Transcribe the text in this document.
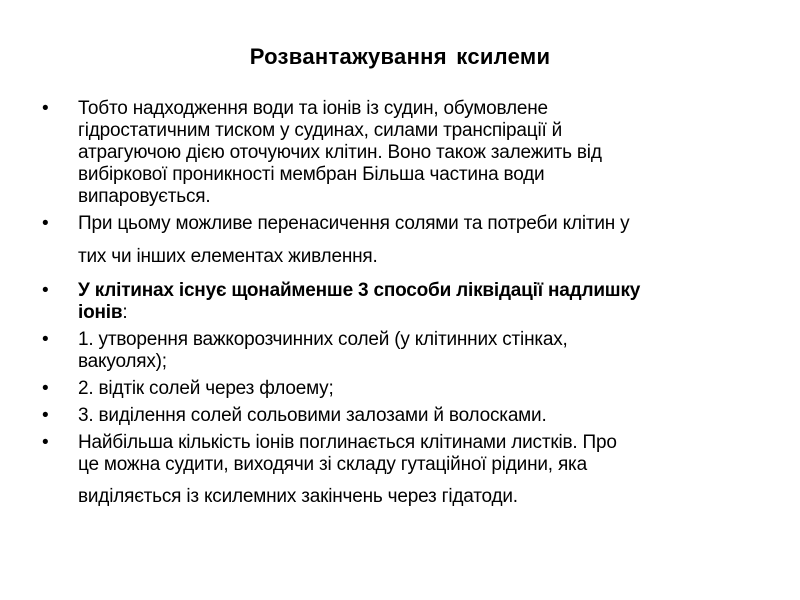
Розвантажування ксилеми
•	Тобто надходження води та іонів із судин, обумовлене
гідростатичним тиском у судинах, силами транспірації й
атрагуючою дією оточуючих клітин. Воно також залежить від
вибіркової проникності мембран Більша частина води
випаровується.
•	При цьому можливе перенасичення солями та потреби клітин у
тих чи інших елементах живлення.
•	У клітинах існує щонайменше 3 способи ліквідації надлишку
іонів:
•	1. утворення важкорозчинних солей (у клітинних стінках,
вакуолях);
•	2. відтік солей через флоему;
•	3. виділення солей сольовими залозами й волосками.
•	Найбільша кількість іонів поглинається клітинами листків. Про
це можна судити, виходячи зі складу гутаційної рідини, яка
виділяється із ксилемних закінчень через гідатоди.
